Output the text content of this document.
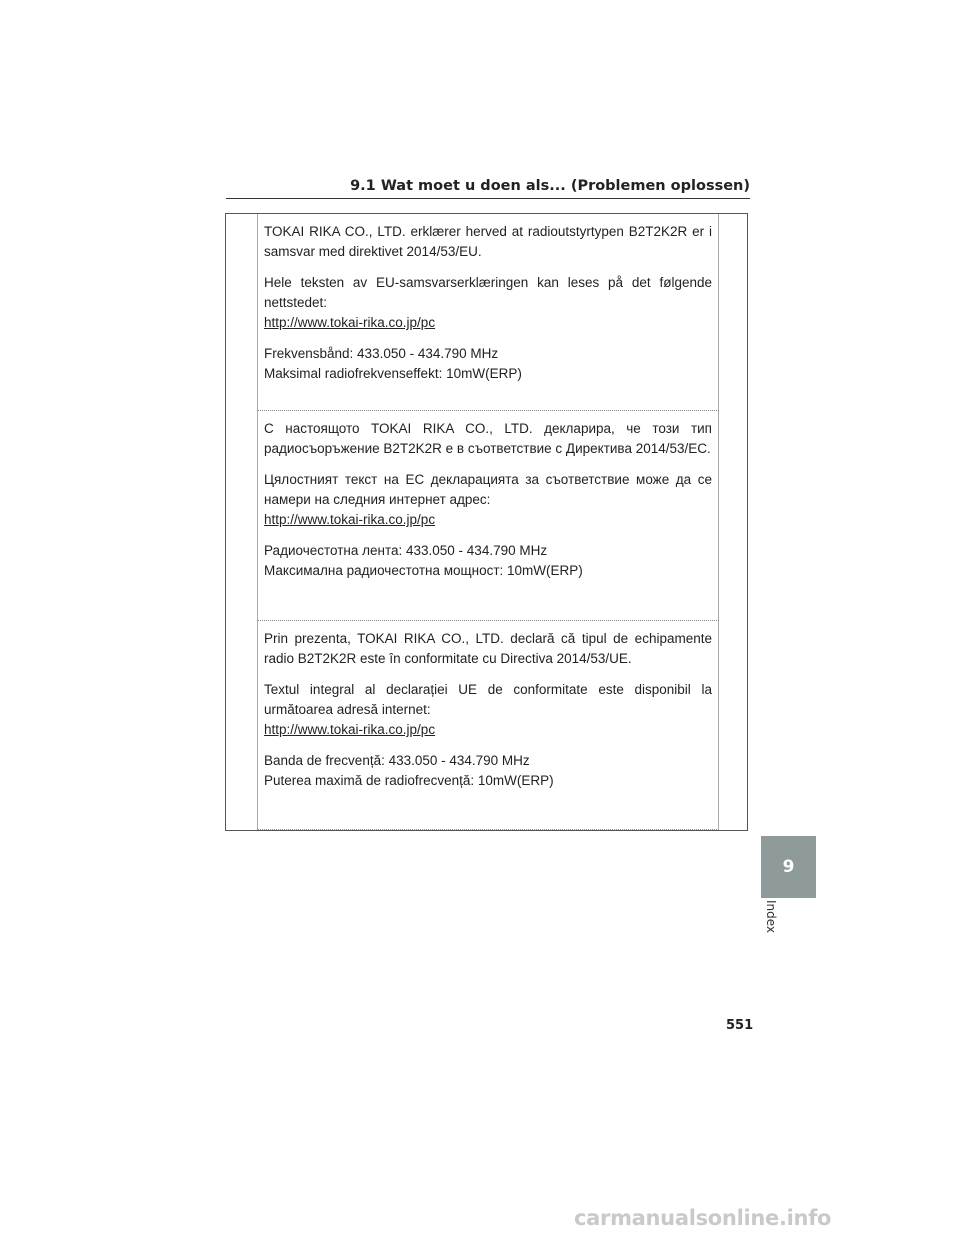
9.1 Wat moet u doen als... (Problemen oplossen)

TOKAI RIKA CO., LTD. erklærer herved at radioutstyrtypen B2T2K2R er i samsvar med direktivet 2014/53/EU.

Hele teksten av EU-samsvarserklæringen kan leses på det følgende nettstedet:

http://www.tokai-rika.co.jp/pc

Frekvensbånd: 433.050 - 434.790 MHz

Maksimal radiofrekvenseffekt: 10mW(ERP)

С настоящото TOKAI RIKA CO., LTD. декларира, че този тип радиосъоръжение B2T2K2R е в съответствие с Директива 2014/53/ЕС.

Цялостният текст на ЕС декларацията за съответствие може да се намери на следния интернет адрес:

http://www.tokai-rika.co.jp/pc

Радиочестотна лента: 433.050 - 434.790 MHz

Максимална радиочестотна мощност: 10mW(ERP)

Prin prezenta, TOKAI RIKA CO., LTD. declară că tipul de echipamente radio B2T2K2R este în conformitate cu Directiva 2014/53/UE.

Textul integral al declarației UE de conformitate este disponibil la următoarea adresă internet:

http://www.tokai-rika.co.jp/pc

Banda de frecvență: 433.050 - 434.790 MHz

Puterea maximă de radiofrecvență: 10mW(ERP)

9
Index
551
carmanualsonline.info
